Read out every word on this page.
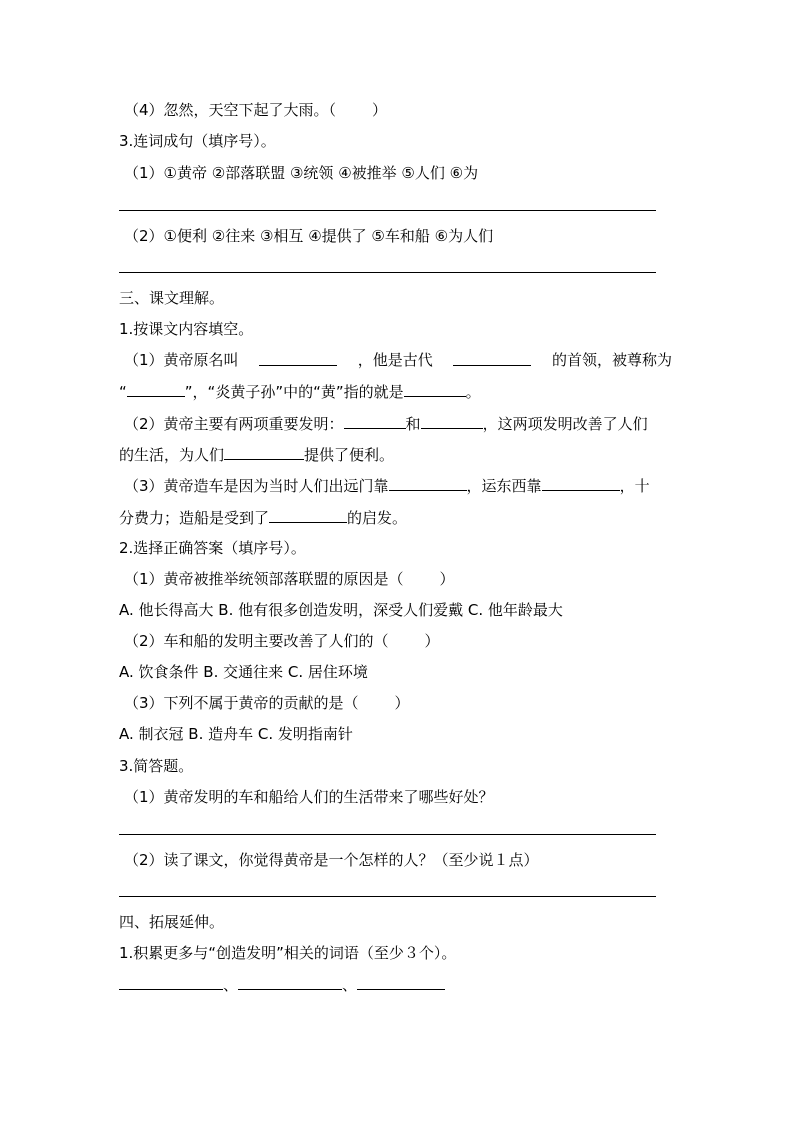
（4）忽然，天空下起了大雨。（ ）
3.连词成句（填序号）。
（1）①黄帝 ②部落联盟 ③统领 ④被推举 ⑤人们 ⑥为
（2）①便利 ②往来 ③相互 ④提供了 ⑤车和船 ⑥为人们
三、课文理解。
1.按课文内容填空。
（1）黄帝原名叫	，他是古代	的首领，被尊称为
“	”，“炎黄子孙”中的“黄”指的就是	。
（2）黄帝主要有两项重要发明：	和	，这两项发明改善了人们
的生活，为人们	提供了便利。
（3）黄帝造车是因为当时人们出远门靠	，运东西靠	，十
分费力；造船是受到了	的启发。
2.选择正确答案（填序号）。
（1）黄帝被推举统领部落联盟的原因是（ ）
A. 他长得高大 B. 他有很多创造发明，深受人们爱戴 C. 他年龄最大
（2）车和船的发明主要改善了人们的（ ）
A. 饮食条件 B. 交通往来 C. 居住环境
（3）下列不属于黄帝的贡献的是（ ）
A. 制衣冠 B. 造舟车 C. 发明指南针
3.简答题。
（1）黄帝发明的车和船给人们的生活带来了哪些好处？
（2）读了课文，你觉得黄帝是一个怎样的人？（至少说１点）
四、拓展延伸。
1.积累更多与“创造发明”相关的词语（至少３个）。
、	、
